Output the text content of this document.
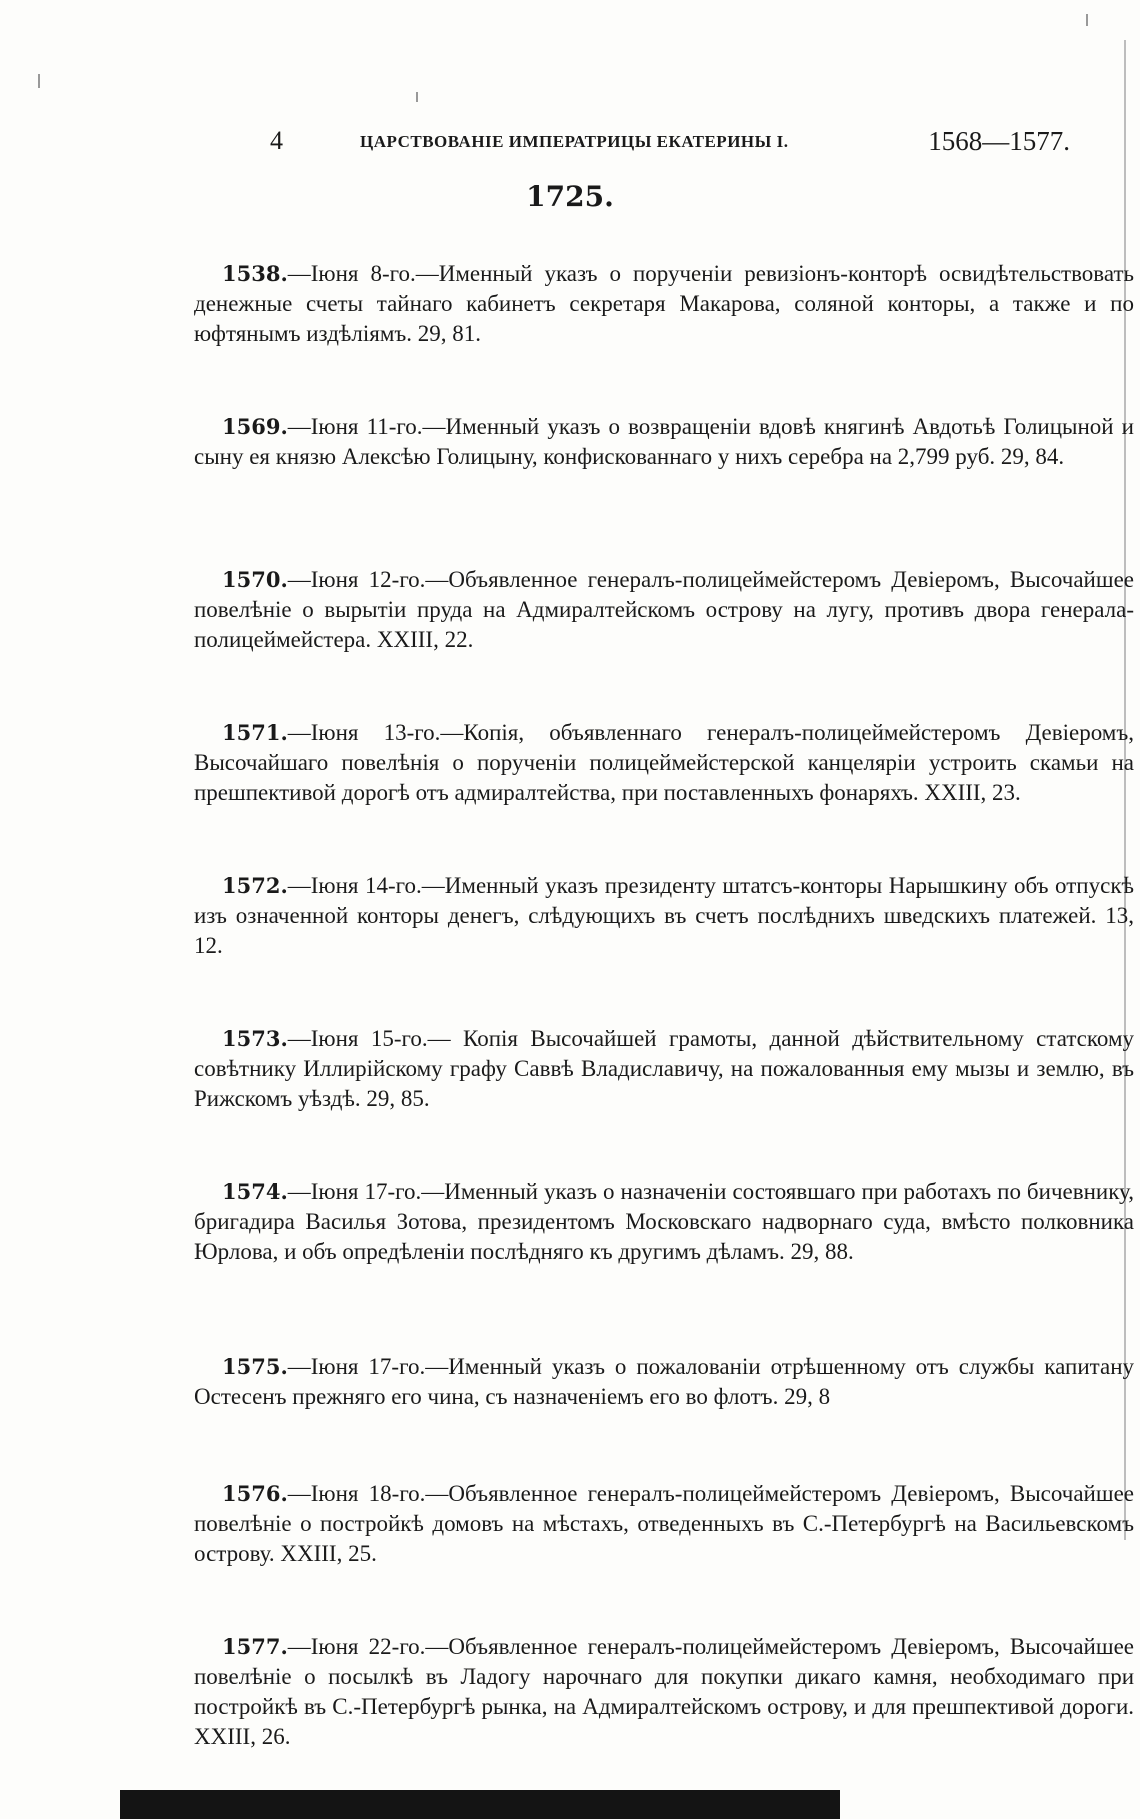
4	ЦАРСТВОВАНІЕ ИМПЕРАТРИЦЫ ЕКАТЕРИНЫ I.	1568—1577.
1725.

1538.—Іюня 8-го.—Именный указъ о порученіи ревизіонъ-конторѣ освидѣтельствовать денежные счеты тайнаго кабинетъ секретаря Макарова, соляной конторы, а также и по юфтянымъ издѣліямъ. 29, 81.

1569.—Іюня 11-го.—Именный указъ о возвращеніи вдовѣ княгинѣ Авдотьѣ Голицыной и сыну ея князю Алексѣю Голицыну, конфискованнаго у нихъ серебра на 2,799 руб. 29, 84.

1570.—Іюня 12-го.—Объявленное генералъ-полицеймейстеромъ Девіеромъ, Высочайшее повелѣніе о вырытіи пруда на Адмиралтейскомъ острову на лугу, противъ двора генерала-полицеймейстера. XXIII, 22.

1571.—Іюня 13-го.—Копія, объявленнаго генералъ-полицеймейстеромъ Девіеромъ, Высочайшаго повелѣнія о порученіи полицеймейстерской канцеляріи устроить скамьи на прешпективой дорогѣ отъ адмиралтейства, при поставленныхъ фонаряхъ. XXIII, 23.

1572.—Іюня 14-го.—Именный указъ президенту штатсъ-конторы Нарышкину объ отпускѣ изъ означенной конторы денегъ, слѣдующихъ въ счетъ послѣднихъ шведскихъ платежей. 13, 12.

1573.—Іюня 15-го.— Копія Высочайшей грамоты, данной дѣйствительному статскому совѣтнику Иллирійскому графу Саввѣ Владиславичу, на пожалованныя ему мызы и землю, въ Рижскомъ уѣздѣ. 29, 85.

1574.—Іюня 17-го.—Именный указъ о назначеніи состоявшаго при работахъ по бичевнику, бригадира Василья Зотова, президентомъ Московскаго надворнаго суда, вмѣсто полковника Юрлова, и объ опредѣленіи послѣдняго къ другимъ дѣламъ. 29, 88.

1575.—Іюня 17-го.—Именный указъ о пожалованіи отрѣшенному отъ службы капитану Остесенъ прежняго его чина, съ назначеніемъ его во флотъ. 29, 8

1576.—Іюня 18-го.—Объявленное генералъ-полицеймейстеромъ Девіеромъ, Высочайшее повелѣніе о постройкѣ домовъ на мѣстахъ, отведенныхъ въ С.-Петербургѣ на Васильевскомъ острову. XXIII, 25.

1577.—Іюня 22-го.—Объявленное генералъ-полицеймейстеромъ Девіеромъ, Высочайшее повелѣніе о посылкѣ въ Ладогу нарочнаго для покупки дикаго камня, необходимаго при постройкѣ въ С.-Петербургѣ рынка, на Адмиралтейскомъ острову, и для прешпективой дороги. XXIII, 26.
